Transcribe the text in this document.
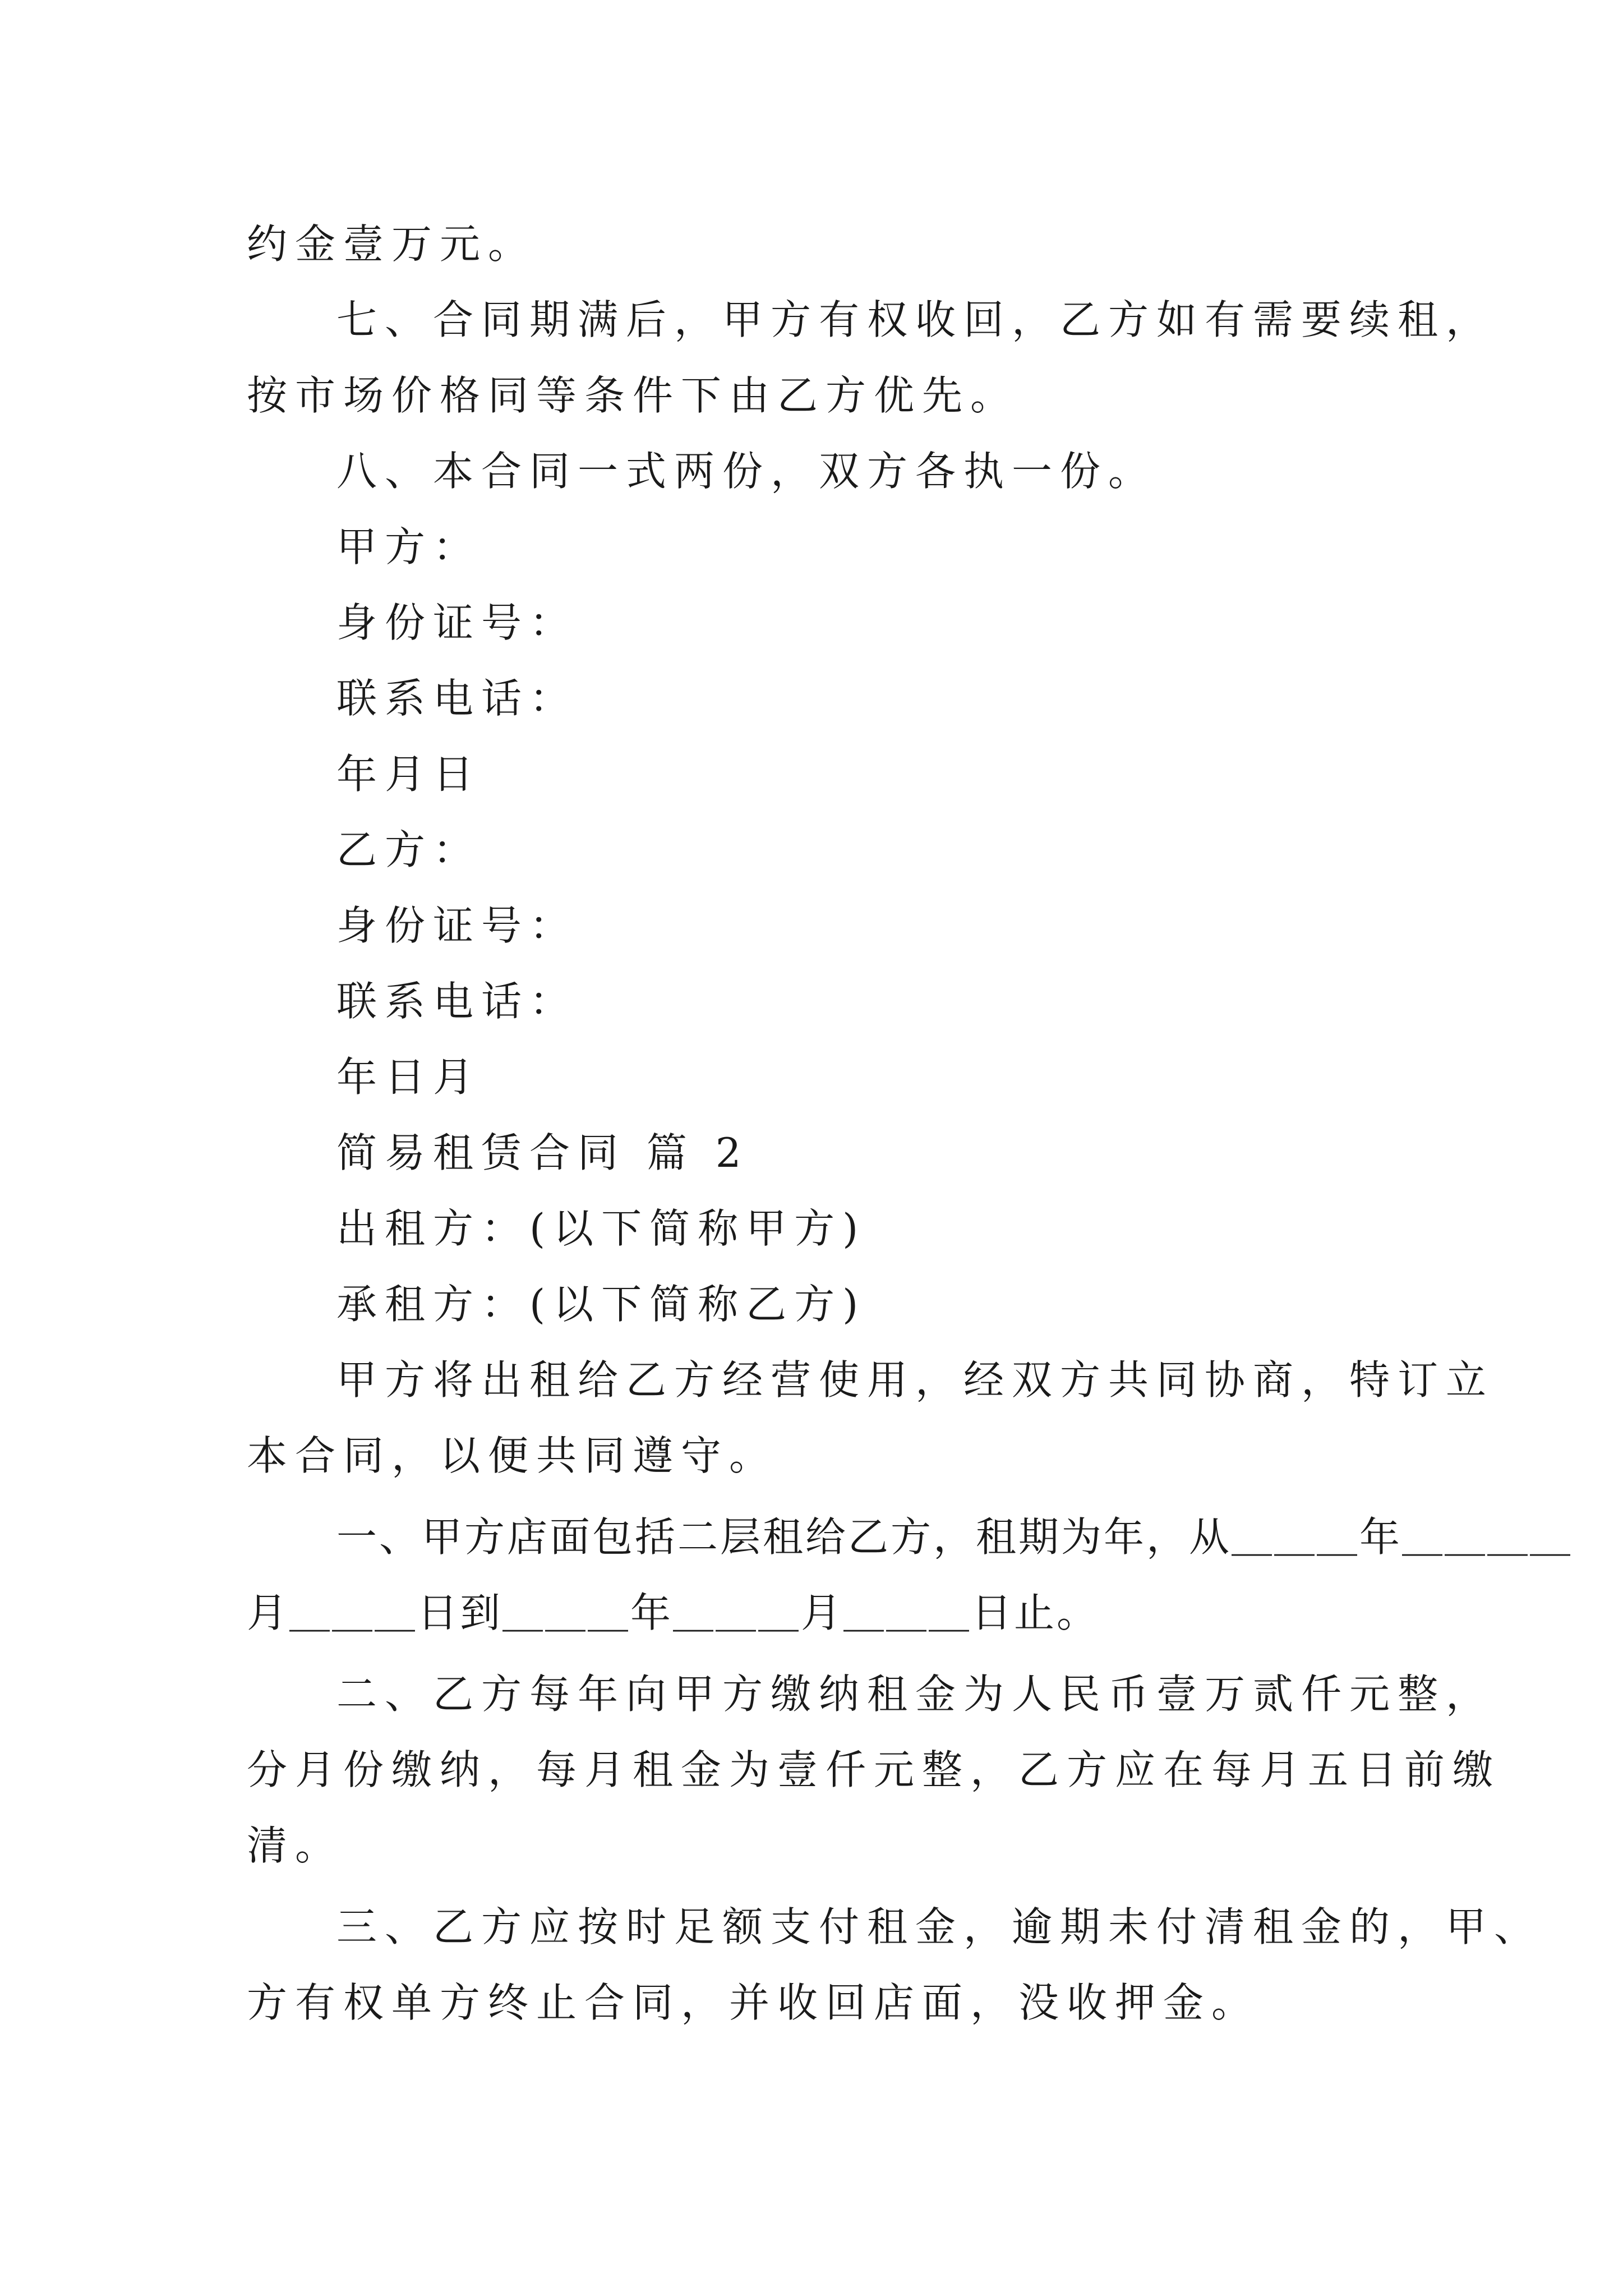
约金壹万元。
七、合同期满后，甲方有权收回，乙方如有需要续租，
按市场价格同等条件下由乙方优先。
八、本合同一式两份，双方各执一份。
甲方：
身份证号：
联系电话：
年月日
乙方：
身份证号：
联系电话：
年日月
简易租赁合同 篇 2
出租方：(以下简称甲方)
承租方：(以下简称乙方)
甲方将出租给乙方经营使用，经双方共同协商，特订立
本合同，以便共同遵守。
一、甲方店面包括二层租给乙方，租期为年，从＿＿＿年＿＿＿＿
月＿＿＿日到＿＿＿年＿＿＿月＿＿＿日止。
二、乙方每年向甲方缴纳租金为人民币壹万贰仟元整，
分月份缴纳，每月租金为壹仟元整，乙方应在每月五日前缴
清。
三、乙方应按时足额支付租金，逾期未付清租金的，甲、
方有权单方终止合同，并收回店面，没收押金。
